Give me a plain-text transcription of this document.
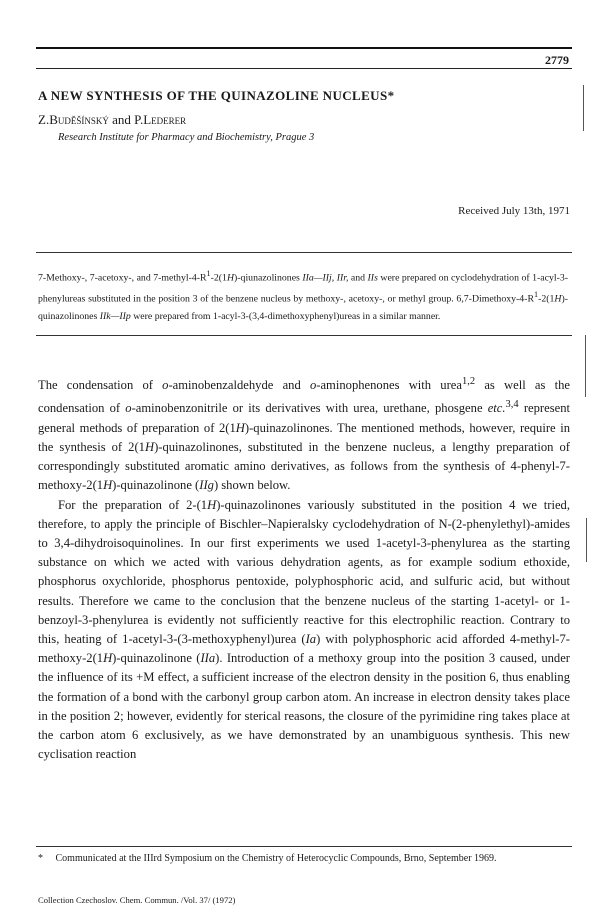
2779
A NEW SYNTHESIS OF THE QUINAZOLINE NUCLEUS*
Z.Buděšínský and P.Lederer
Research Institute for Pharmacy and Biochemistry, Prague 3
Received July 13th, 1971

7-Methoxy-, 7-acetoxy-, and $7-methyl-4-R^1-2(1H)$-qiunazolinones IIa—IIj, IIr, and IIs were prepared on cyclodehydration of 1-acyl-3-phenylureas substituted in the position 3 of the benzene nucleus by methoxy-, acetoxy-, or methyl group. $6,7-Dimethoxy-4-R^1-2(1H)$-quinazolinones IIk—IIp were prepared from 1-acyl-3-(3,4-dimethoxyphenyl)ureas in a similar manner.

The condensation of o-aminobenzaldehyde and o-aminophenones with urea$^{1,2}$ as well as the condensation of o-aminobenzonitrile or its derivatives with urea, urethane, phosgene etc.$^{3,4}$ represent general methods of preparation of 2(1H)-quinazolinones. The mentioned methods, however, require in the synthesis of 2(1H)-quinazolinones, substituted in the benzene nucleus, a lengthy preparation of correspondingly substituted aromatic amino derivatives, as follows from the synthesis of 4-phenyl-7-methoxy-2(1H)-quinazolinone (IIg) shown below.

For the preparation of 2-(1H)-quinazolinones variously substituted in the position 4 we tried, therefore, to apply the principle of Bischler–Napieralsky cyclodehydration of N-(2-phenylethyl)-amides to 3,4-dihydroisoquinolines. In our first experiments we used 1-acetyl-3-phenylurea as the starting substance on which we acted with various dehydration agents, as for example sodium ethoxide, phosphorus oxychloride, phosphorus pentoxide, polyphosphoric acid, and sulfuric acid, but without results. Therefore we came to the conclusion that the benzene nucleus of the starting 1-acetyl- or 1-benzoyl-3-phenylurea is evidently not sufficiently reactive for this electrophilic reaction. Contrary to this, heating of 1-acetyl-3-(3-methoxyphenyl)urea (Ia) with polyphosphoric acid afforded 4-methyl-7-methoxy-2(1H)-quinazolinone (IIa). Introduction of a methoxy group into the position 3 caused, under the influence of its +M effect, a sufficient increase of the electron density in the position 6, thus enabling the formation of a bond with the carbonyl group carbon atom. An increase in electron density takes place in the position 2; however, evidently for sterical reasons, the closure of the pyrimidine ring takes place at the carbon atom 6 exclusively, as we have demonstrated by an unambiguous synthesis. This new cyclisation reaction

* Communicated at the IIIrd Symposium on the Chemistry of Heterocyclic Compounds, Brno, September 1969.

Collection Czechoslov. Chem. Commun. /Vol. 37/ (1972)
